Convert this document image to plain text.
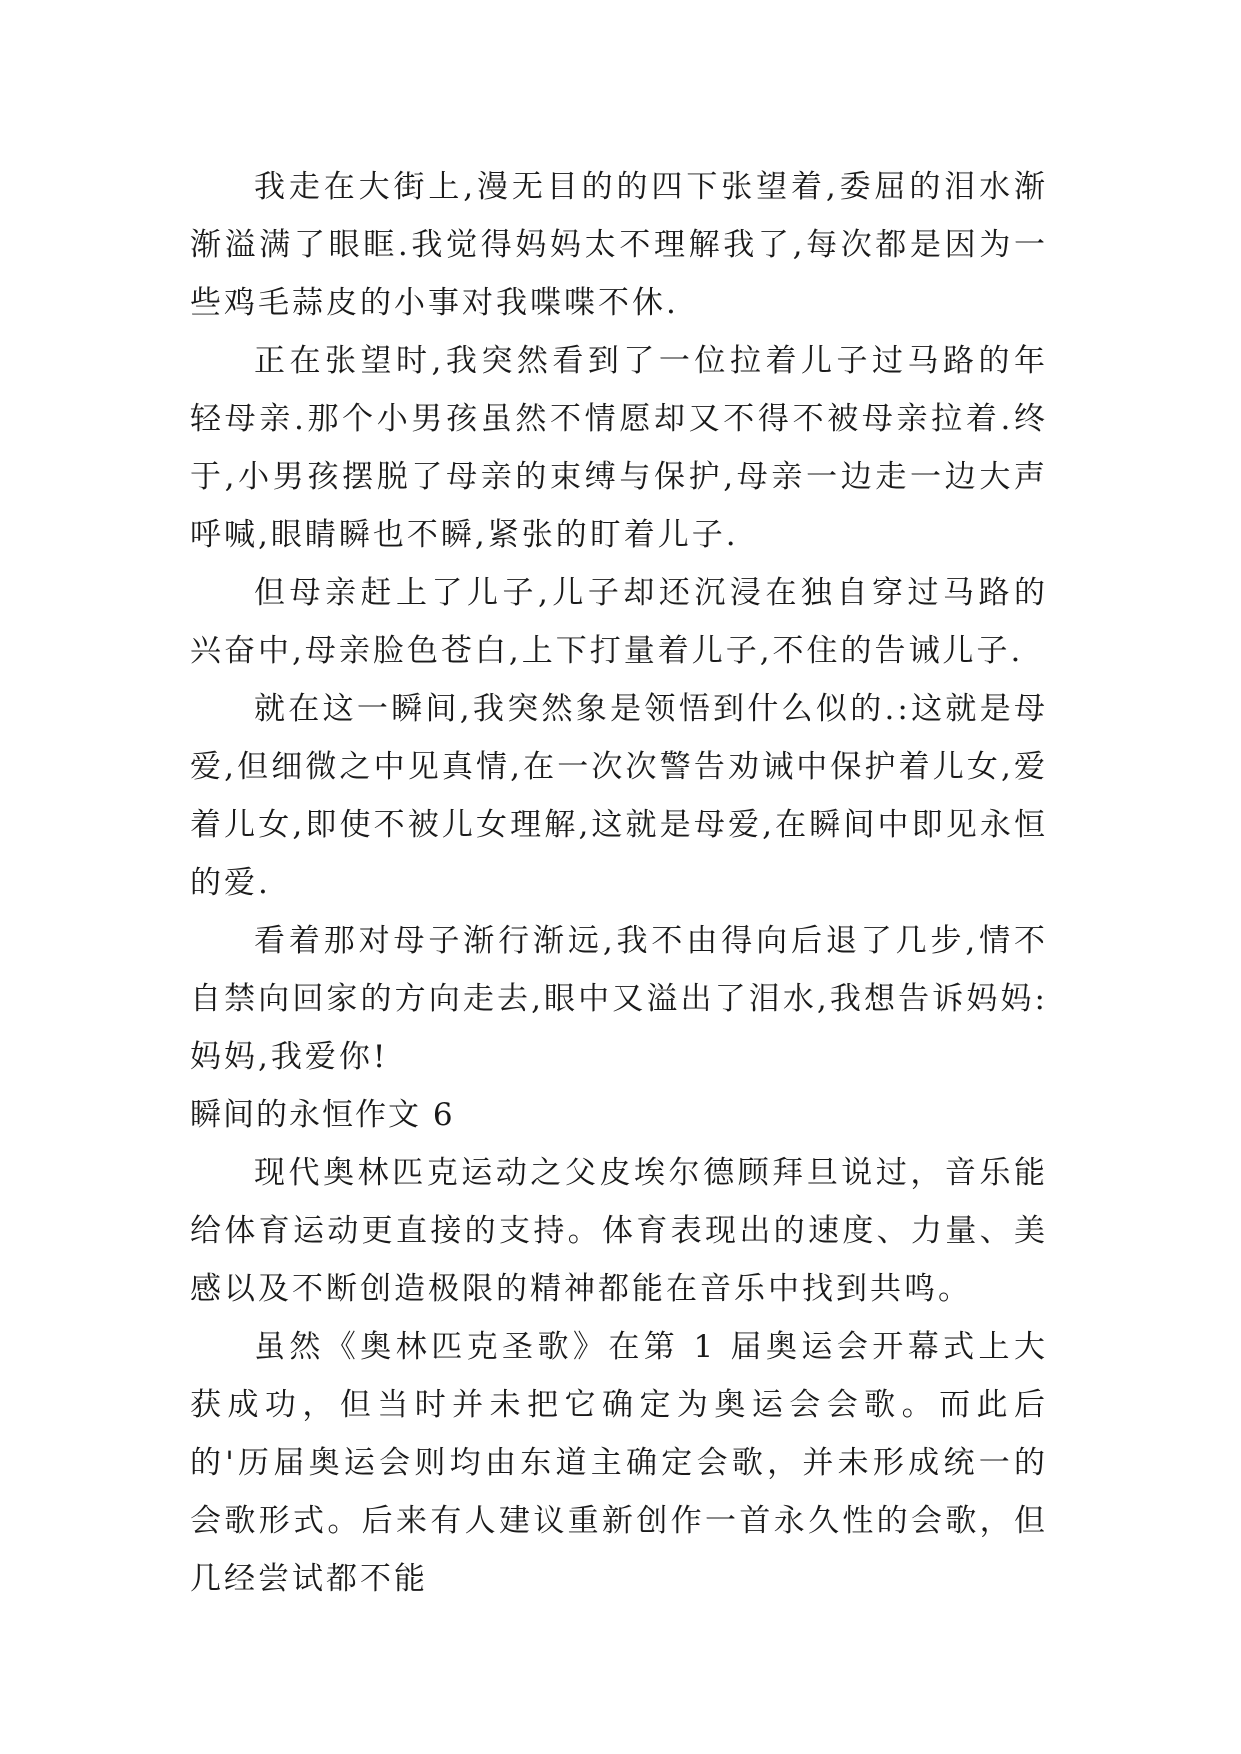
我走在大街上,漫无目的的四下张望着,委屈的泪水渐渐溢满了眼眶.我觉得妈妈太不理解我了,每次都是因为一些鸡毛蒜皮的小事对我喋喋不休.

正在张望时,我突然看到了一位拉着儿子过马路的年轻母亲.那个小男孩虽然不情愿却又不得不被母亲拉着.终于,小男孩摆脱了母亲的束缚与保护,母亲一边走一边大声呼喊,眼睛瞬也不瞬,紧张的盯着儿子.

但母亲赶上了儿子,儿子却还沉浸在独自穿过马路的兴奋中,母亲脸色苍白,上下打量着儿子,不住的告诫儿子.

就在这一瞬间,我突然象是领悟到什么似的.:这就是母爱,但细微之中见真情,在一次次警告劝诫中保护着儿女,爱着儿女,即使不被儿女理解,这就是母爱,在瞬间中即见永恒的爱.

看着那对母子渐行渐远,我不由得向后退了几步,情不自禁向回家的方向走去,眼中又溢出了泪水,我想告诉妈妈:妈妈,我爱你!

瞬间的永恒作文 6

现代奥林匹克运动之父皮埃尔德顾拜旦说过，音乐能给体育运动更直接的支持。体育表现出的速度、力量、美感以及不断创造极限的精神都能在音乐中找到共鸣。

虽然《奥林匹克圣歌》在第 1 届奥运会开幕式上大获成功，但当时并未把它确定为奥运会会歌。而此后的'历届奥运会则均由东道主确定会歌，并未形成统一的会歌形式。后来有人建议重新创作一首永久性的会歌，但几经尝试都不能
